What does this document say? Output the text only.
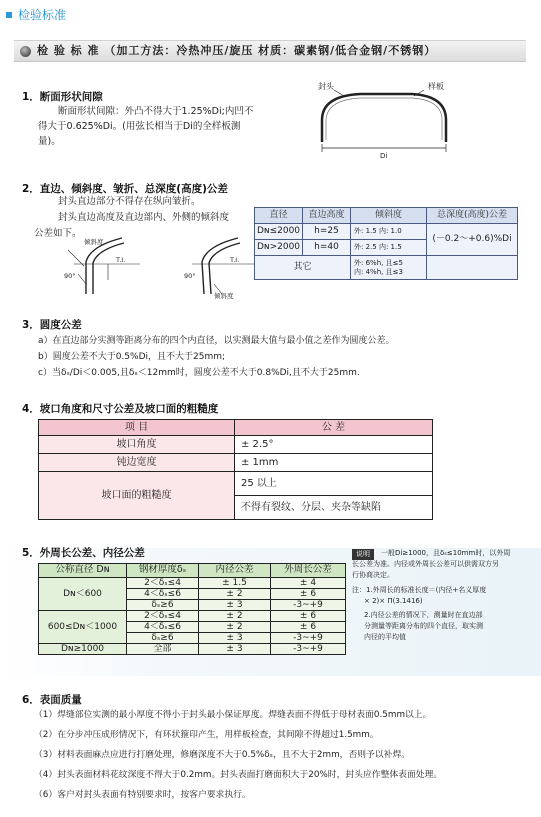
检验标准
检 验 标 准 （加工方法：冷热冲压/旋压 材质：碳素钢/低合金钢/不锈钢）
1．断面形状间隙
断面形状间隙：外凸不得大于1.25%Di;内凹不
得大于0.625%Di。(用弦长相当于Di的全样板测
量)。
封头	样板
Di
2．直边、倾斜度、皱折、总深度(高度)公差
封头直边部分不得存在纵向皱折。
封头直边高度及直边部内、外侧的倾斜度
公差如下。
倾斜度
90°
T.I.
90°
T.I.
倾斜度
直径	直边高度	倾斜度	总深度(高度)公差
Dɴ≤2000	h=25	外: 1.5 内: 1.0	(－0.2～+0.6)%Di
Dɴ>2000	h=40	外: 2.5 内: 1.5	
其它		外: 6%h, 且≤5
内: 4%h, 且≤3	

3．圆度公差
a）在直边部分实测等距离分布的四个内直径，以实测最大值与最小值之差作为圆度公差。
b）圆度公差不大于0.5%Di，且不大于25mm;
c）当δₛ/Di＜0.005,且δₛ＜12mm时，圆度公差不大于0.8%Di,且不大于25mm.
4．坡口角度和尺寸公差及坡口面的粗糙度
项 目	公 差
坡口角度	± 2.5°
钝边宽度	± 1mm
坡口面的粗糙度	25 以上
	不得有裂纹、分层、夹杂等缺陷
5．外周长公差、内径公差
公称直径 Dɴ	钢材厚度δₛ	内径公差	外周长公差
Dɴ＜600	2＜δₛ≤4	± 1.5	± 4
	4＜δₛ≤6	± 2	± 6
	δₛ≥6	± 3	-3~+9
600≤Dɴ＜1000	2＜δₛ≤4	± 2	± 6
	4＜δₛ≤6	± 2	± 6
	δₛ≥6	± 3	-3~+9
Dɴ≥1000	全部	± 3	-3~+9
说明	一般Di≥1000，且δₛ≤10mm时，以外周
长公差为准。内径或外周长公差可以供需双方另
行协商决定。
注：1.外周长的标准长度＝(内径+名义厚度
× 2)× Π(3.1416)
2.内径公差的情况下，测量时在直边部
分测量等距离分布的四个直径，取实测
内径的平均值
6．表面质量
（1）焊缝部位实测的最小厚度不得小于封头最小保证厚度。焊缝表面不得低于母材表面0.5mm以上。
（2）在分步冲压成形情况下，有环状箍印产生，用样板检查，其间隙不得超过1.5mm。
（3）材料表面麻点应进行打磨处理，修磨深度不大于0.5%δₛ，且不大于2mm，否则予以补焊。
（4）封头表面材料花纹深度不得大于0.2mm。封头表面打磨面积大于20%时，封头应作整体表面处理。
（6）客户对封头表面有特别要求时，按客户要求执行。
